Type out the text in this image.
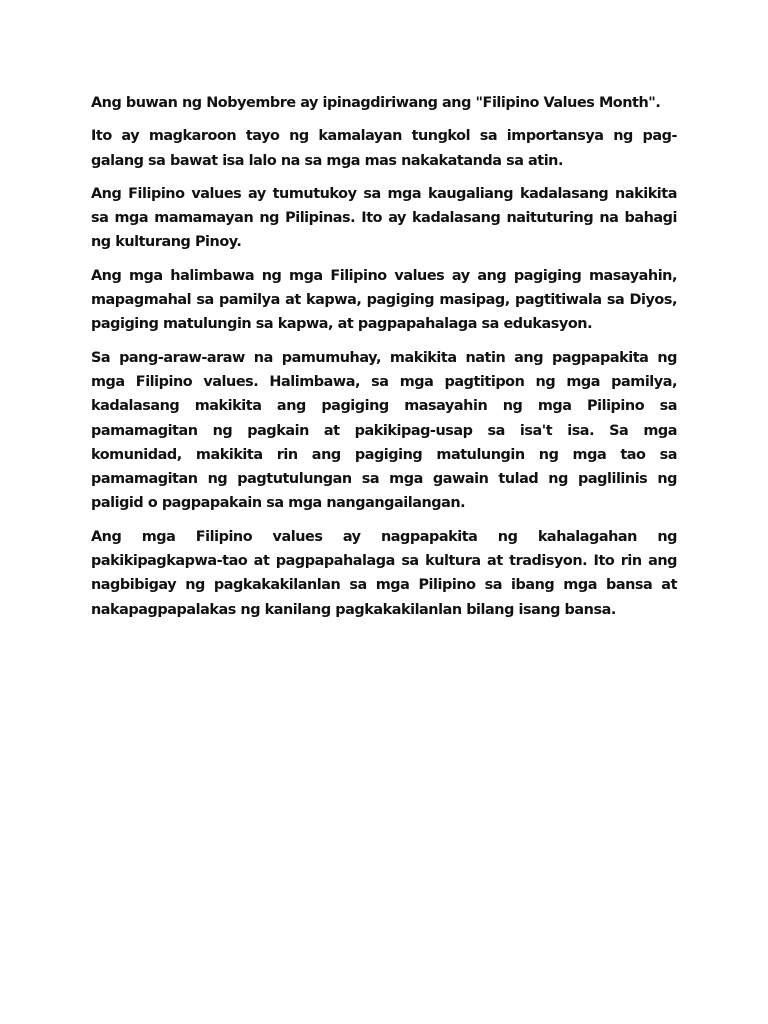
Ang buwan ng Nobyembre ay ipinagdiriwang ang "Filipino Values Month".

Ito ay magkaroon tayo ng kamalayan tungkol sa importansya ng pag-galang sa bawat isa lalo na sa mga mas nakakatanda sa atin.

Ang Filipino values ay tumutukoy sa mga kaugaliang kadalasang nakikita sa mga mamamayan ng Pilipinas. Ito ay kadalasang naituturing na bahagi ng kulturang Pinoy.

Ang mga halimbawa ng mga Filipino values ay ang pagiging masayahin, mapagmahal sa pamilya at kapwa, pagiging masipag, pagtitiwala sa Diyos, pagiging matulungin sa kapwa, at pagpapahalaga sa edukasyon.

Sa pang-araw-araw na pamumuhay, makikita natin ang pagpapakita ng mga Filipino values. Halimbawa, sa mga pagtitipon ng mga pamilya, kadalasang makikita ang pagiging masayahin ng mga Pilipino sa pamamagitan ng pagkain at pakikipag-usap sa isa't isa. Sa mga komunidad, makikita rin ang pagiging matulungin ng mga tao sa pamamagitan ng pagtutulungan sa mga gawain tulad ng paglilinis ng paligid o pagpapakain sa mga nangangailangan.

Ang mga Filipino values ay nagpapakita ng kahalagahan ng pakikipagkapwa-tao at pagpapahalaga sa kultura at tradisyon. Ito rin ang nagbibigay ng pagkakakilanlan sa mga Pilipino sa ibang mga bansa at nakapagpapalakas ng kanilang pagkakakilanlan bilang isang bansa.
